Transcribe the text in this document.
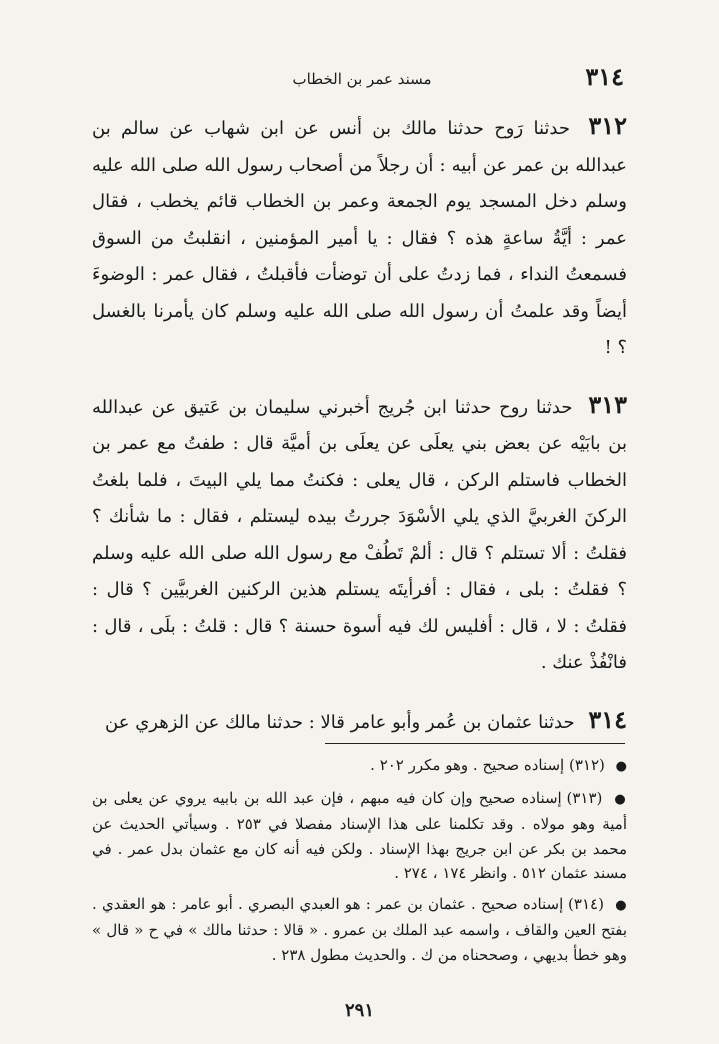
٣١٤
مسند عمر بن الخطاب

٣١٢ حدثنا رَوح حدثنا مالك بن أنس عن ابن شهاب عن سالم بن عبدالله بن عمر عن أبيه : أن رجلاً من أصحاب رسول الله صلى الله عليه وسلم دخل المسجد يوم الجمعة وعمر بن الخطاب قائم يخطب ، فقال عمر : أيَّةُ ساعةٍ هذه ؟ فقال : يا أمير المؤمنين ، انقلبتُ من السوق فسمعتُ النداء ، فما زدتُ على أن توضأت فأقبلتُ ، فقال عمر : الوضوءَ أيضاً وقد علمتُ أن رسول الله صلى الله عليه وسلم كان يأمرنا بالغسل ؟ !

٣١٣ حدثنا روح حدثنا ابن جُريج أخبرني سليمان بن عَتيق عن عبدالله بن بابَيْه عن بعض بني يعلَى عن يعلَى بن أميَّة قال : طفتُ مع عمر بن الخطاب فاستلم الركن ، قال يعلى : فكنتُ مما يلي البيتَ ، فلما بلغتُ الركنَ الغربيَّ الذي يلي الأسْوَدَ جررتُ بيده ليستلم ، فقال : ما شأنك ؟ فقلتُ : ألا تستلم ؟ قال : ألمْ تَطُفْ مع رسول الله صلى الله عليه وسلم ؟ فقلتُ : بلى ، فقال : أفرأيتَه يستلم هذين الركنين الغربيَّين ؟ قال : فقلتُ : لا ، قال : أفليس لك فيه أسوة حسنة ؟ قال : قلتُ : بلَى ، قال : فانْفُذْ عنك .

٣١٤ حدثنا عثمان بن عُمر وأبو عامر قالا : حدثنا مالك عن الزهري عن

● (٣١٢) إسناده صحيح . وهو مكرر ٢٠٢ .

● (٣١٣) إسناده صحيح وإن كان فيه مبهم ، فإن عبد الله بن بابيه يروي عن يعلى بن أمية وهو مولاه . وقد تكلمنا على هذا الإسناد مفصلا في ٢٥٣ . وسيأتي الحديث عن محمد بن بكر عن ابن جريج بهذا الإسناد . ولكن فيه أنه كان مع عثمان بدل عمر . في مسند عثمان ٥١٢ . وانظر ١٧٤ ، ٢٧٤ .

● (٣١٤) إسناده صحيح . عثمان بن عمر : هو العبدي البصري . أبو عامر : هو العقدي . بفتح العين والقاف ، واسمه عبد الملك بن عمرو . « قالا : حدثنا مالك » في ح « قال » وهو خطأ بديهي ، وصححناه من ك . والحديث مطول ٢٣٨ .

٢٩١
